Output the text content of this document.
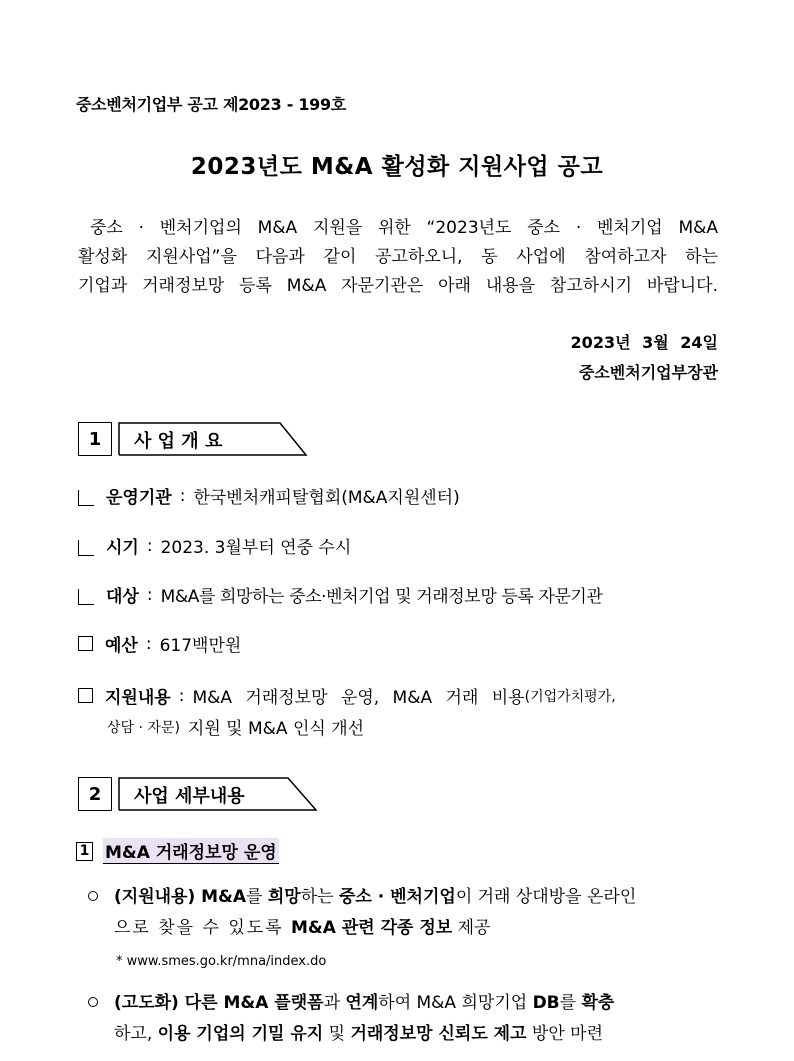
중소벤처기업부 공고 제2023 - 199호
2023년도 M&A 활성화 지원사업 공고
중소 · 벤처기업의 M&A 지원을 위한 “2023년도 중소 · 벤처기업 M&A
활성화 지원사업”을 다음과 같이 공고하오니, 동 사업에 참여하고자 하는
기업과 거래정보망 등록 M&A 자문기관은 아래 내용을 참고하시기 바랍니다.
2023년 3월 24일
중소벤처기업부장관
1	사 업 개 요
운영기관 : 한국벤처캐피탈협회(M&A지원센터)
시기 : 2023. 3월부터 연중 수시
대상 : M&A를 희망하는 중소·벤처기업 및 거래정보망 등록 자문기관
예산 : 617백만원
지원내용 : M&A 거래정보망 운영, M&A 거래 비용 (기업가치평가,
상담 · 자문) 지원 및 M&A 인식 개선
2	사업 세부내용
1 M&A 거래정보망 운영
(지원내용) M&A를 희망하는 중소 · 벤처기업이 거래 상대방을 온라인
으로 찾을 수 있도록 M&A 관련 각종 정보 제공
* www.smes.go.kr/mna/index.do
(고도화) 다른 M&A 플랫폼과 연계하여 M&A 희망기업 DB를 확충
하고, 이용 기업의 기밀 유지 및 거래정보망 신뢰도 제고 방안 마련
